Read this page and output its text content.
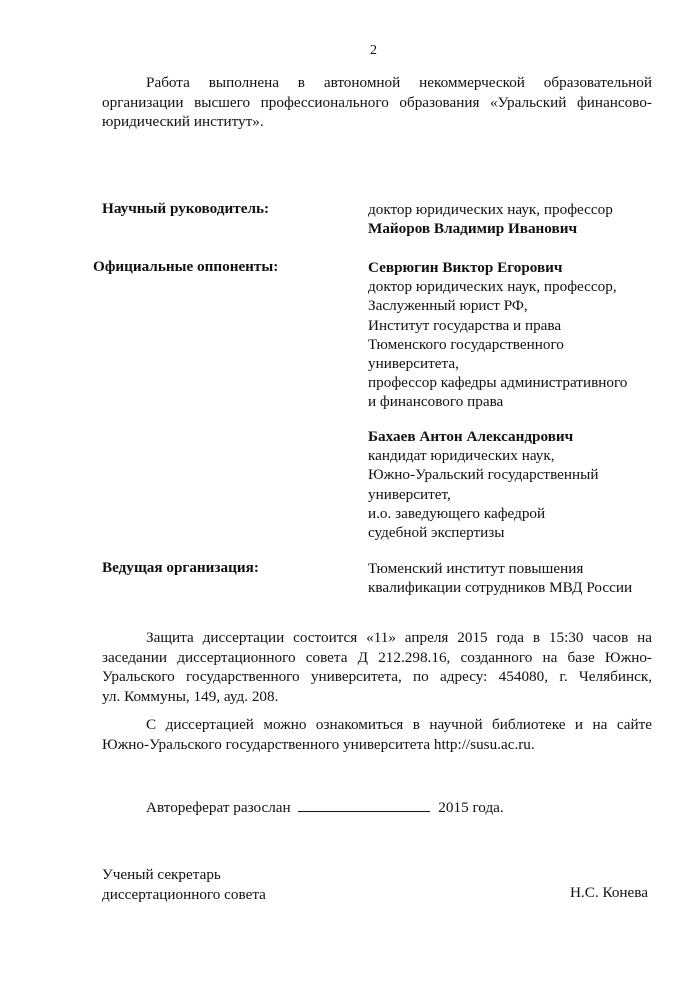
2
Работа выполнена в автономной некоммерческой образовательной
организации высшего профессионального образования «Уральский финансово-
юридический институт».
Научный руководитель:	доктор юридических наук, профессор
Майоров Владимир Иванович
Официальные оппоненты:	Севрюгин Виктор Егорович
доктор юридических наук, профессор,
Заслуженный юрист РФ,
Институт государства и права
Тюменского государственного
университета,
профессор кафедры административного
и финансового права
Бахаев Антон Александрович
кандидат юридических наук,
Южно-Уральский государственный
университет,
и.о. заведующего кафедрой
судебной экспертизы
Ведущая организация:	Тюменский институт повышения
квалификации сотрудников МВД России
Защита диссертации состоится «11» апреля 2015 года в 15:30 часов на
заседании диссертационного совета Д 212.298.16, созданного на базе Южно-
Уральского государственного университета, по адресу: 454080, г. Челябинск,
ул. Коммуны, 149, ауд. 208.
С диссертацией можно ознакомиться в научной библиотеке и на сайте
Южно-Уральского государственного университета http://susu.ac.ru.
Автореферат разослан	2015 года.
Ученый секретарь
диссертационного совета	Н.С. Конева
